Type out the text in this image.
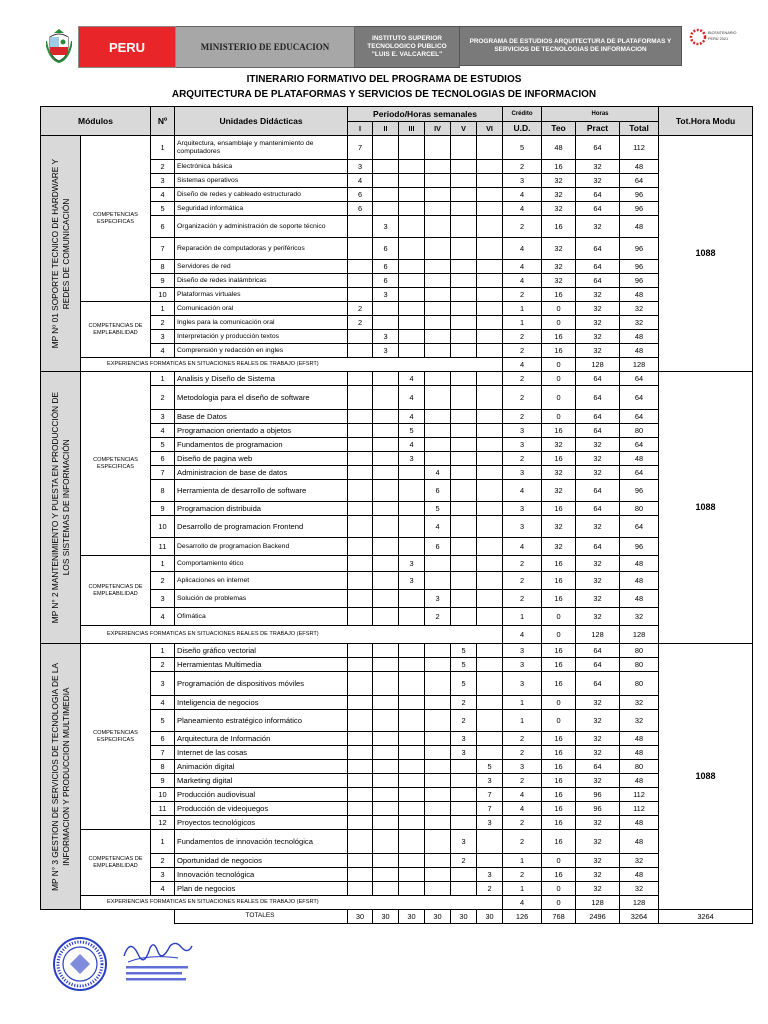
PERU	MINISTERIO DE EDUCACION
INSTITUTO SUPERIOR
TECNOLOGICO PUBLICO
"LUIS E. VALCARCEL"
PROGRAMA DE ESTUDIOS ARQUITECTURA DE PLATAFORMAS Y
SERVICIOS DE TECNOLOGIAS DE INFORMACION
BICENTENARIO
PERÚ 2021
ITINERARIO FORMATIVO DEL PROGRAMA DE ESTUDIOS
ARQUITECTURA DE PLATAFORMAS Y SERVICIOS DE TECNOLOGIAS DE INFORMACION
Módulos		Nº	Unidades Didácticas	Periodo/Horas semanales						Crédito	Horas			Tot.Hora Modu
				I	II	III	IV	V	VI	U.D.	Teo	Pract	Total	

MP Nº 01 SOPORTE TECNICO DE HARDWARE Y
REDES DE COMUNICACIÓN	COMPETENCIAS
ESPECIFICAS	1	Arquitectura, ensamblaje y mantenimiento de computadores	7						5	48	64	112	1088
		2	Electrónica básica	3						2	16	32	48	
		3	Sistemas operativos	4						3	32	32	64	
		4	Diseño de redes y cableado estructurado	6						4	32	64	96	
		5	Seguridad informática	6						4	32	64	96	
		6	Organización y administración de soporte técnico		3					2	16	32	48	
		7	Reparación de computadoras y periféricos		6					4	32	64	96	
		8	Servidores de red		6					4	32	64	96	
		9	Diseño de redes inalámbricas		6					4	32	64	96	
		10	Plataformas virtuales		3					2	16	32	48	
	COMPETENCIAS DE
EMPLEABILIDAD	1	Comunicación oral	2						1	0	32	32	
		2	Ingles para la comunicación oral	2						1	0	32	32	
		3	Interpretación y producción textos		3					2	16	32	48	
		4	Comprensión y redacción en ingles		3					2	16	32	48	
	EXPERIENCIAS FORMATICAS EN SITUACIONES REALES DE TRABAJO (EFSRT)									4	0	128	128	

MP N° 2 MANTENIMIENTO Y PUESTA EN PRODUCCIÓN DE
LOS SISTEMAS DE INFORMACIÓN	COMPETENCIAS
ESPECIFICAS	1	Analisis y Diseño de Sistema			4				2	0	64	64	1088
		2	Metodologia para el diseño de software			4				2	0	64	64	
		3	Base de Datos			4				2	0	64	64	
		4	Programacion orientado a objetos			5				3	16	64	80	
		5	Fundamentos de programacion			4				3	32	32	64	
		6	Diseño de pagina web			3				2	16	32	48	
		7	Administracion de base de datos				4			3	32	32	64	
		8	Herramienta de desarrollo de software				6			4	32	64	96	
		9	Programacion distribuida				5			3	16	64	80	
		10	Desarrollo de programacion Frontend				4			3	32	32	64	
		11	Desarrollo de programacion Backend				6			4	32	64	96	
	COMPETENCIAS DE
EMPLEABILIDAD	1	Comportamiento ético			3				2	16	32	48	
		2	Aplicaciones en internet			3				2	16	32	48	
		3	Solución de problemas				3			2	16	32	48	
		4	Ofimática				2			1	0	32	32	
	EXPERIENCIAS FORMATICAS EN SITUACIONES REALES DE TRABAJO (EFSRT)									4	0	128	128	

MP N° 3 GESTION DE SERVICIOS DE TECNOLOGIA DE LA
INFORMACION Y PRODUCCION MULTIMEDIA	COMPETENCIAS
ESPECIFICAS	1	Diseño gráfico vectorial					5		3	16	64	80	1088
		2	Herramientas Multimedia					5		3	16	64	80	
		3	Programación de dispositivos móviles					5		3	16	64	80	
		4	Inteligencia de negocios					2		1	0	32	32	
		5	Planeamiento estratégico informático					2		1	0	32	32	
		6	Arquitectura de Información					3		2	16	32	48	
		7	Internet de las cosas					3		2	16	32	48	
		8	Animación digital						5	3	16	64	80	
		9	Marketing digital						3	2	16	32	48	
		10	Producción audiovisual						7	4	16	96	112	
		11	Producción de videojuegos						7	4	16	96	112	
		12	Proyectos tecnológicos						3	2	16	32	48	
	COMPETENCIAS DE
EMPLEABILIDAD	1	Fundamentos de innovación tecnológica					3		2	16	32	48	
		2	Oportunidad de negocios					2		1	0	32	32	
		3	Innovación tecnológica						3	2	16	32	48	
		4	Plan de negocios						2	1	0	32	32	
	EXPERIENCIAS FORMATICAS EN SITUACIONES REALES DE TRABAJO (EFSRT)									4	0	128	128	
			TOTALES	30	30	30	30	30	30	126	768	2496	3264	3264
